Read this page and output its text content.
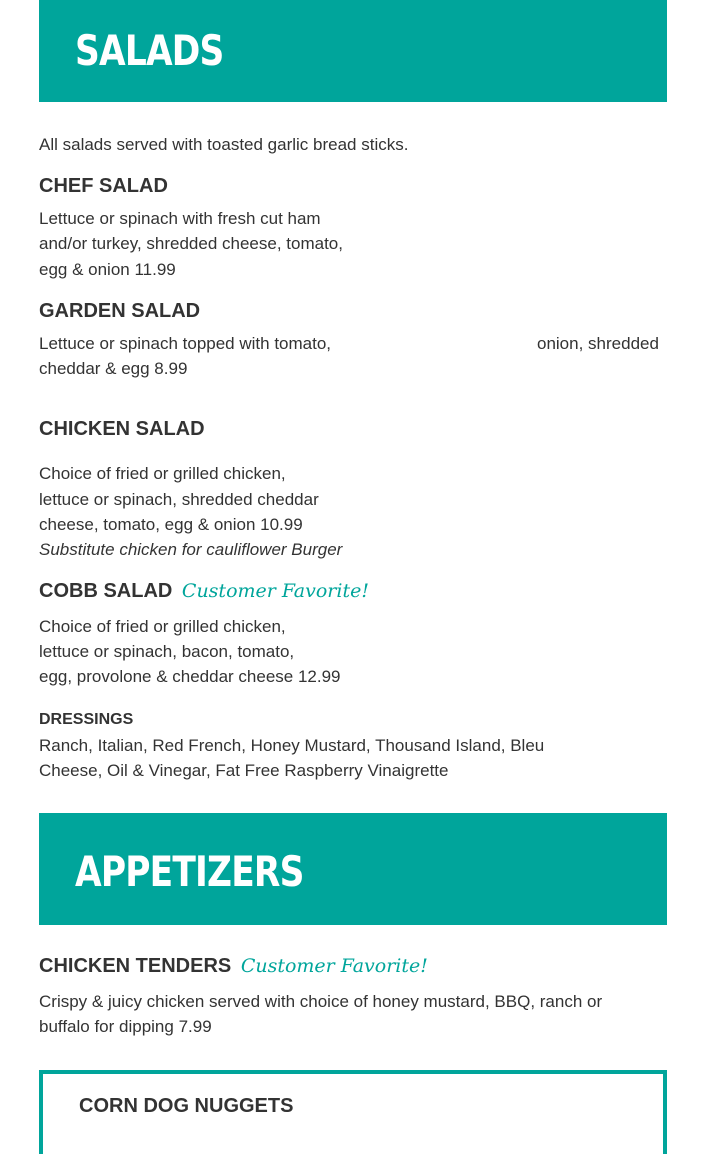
SALADS

All salads served with toasted garlic bread sticks.

CHEF SALAD

Lettuce or spinach with fresh cut ham

and/or turkey, shredded cheese, tomato,

egg & onion 11.99

GARDEN SALAD

Lettuce or spinach topped with tomato,	onion, shredded

cheddar & egg 8.99

CHICKEN SALAD

Choice of fried or grilled chicken,

lettuce or spinach, shredded cheddar

cheese, tomato, egg & onion 10.99

Substitute chicken for cauliflower Burger

COBB SALAD Customer Favorite!

Choice of fried or grilled chicken,

lettuce or spinach, bacon, tomato,

egg, provolone & cheddar cheese 12.99

DRESSINGS

Ranch, Italian, Red French, Honey Mustard, Thousand Island, Bleu

Cheese, Oil & Vinegar, Fat Free Raspberry Vinaigrette

APPETIZERS
CHICKEN TENDERS Customer Favorite!

Crispy & juicy chicken served with choice of honey mustard, BBQ, ranch or

buffalo for dipping 7.99

CORN DOG NUGGETS
